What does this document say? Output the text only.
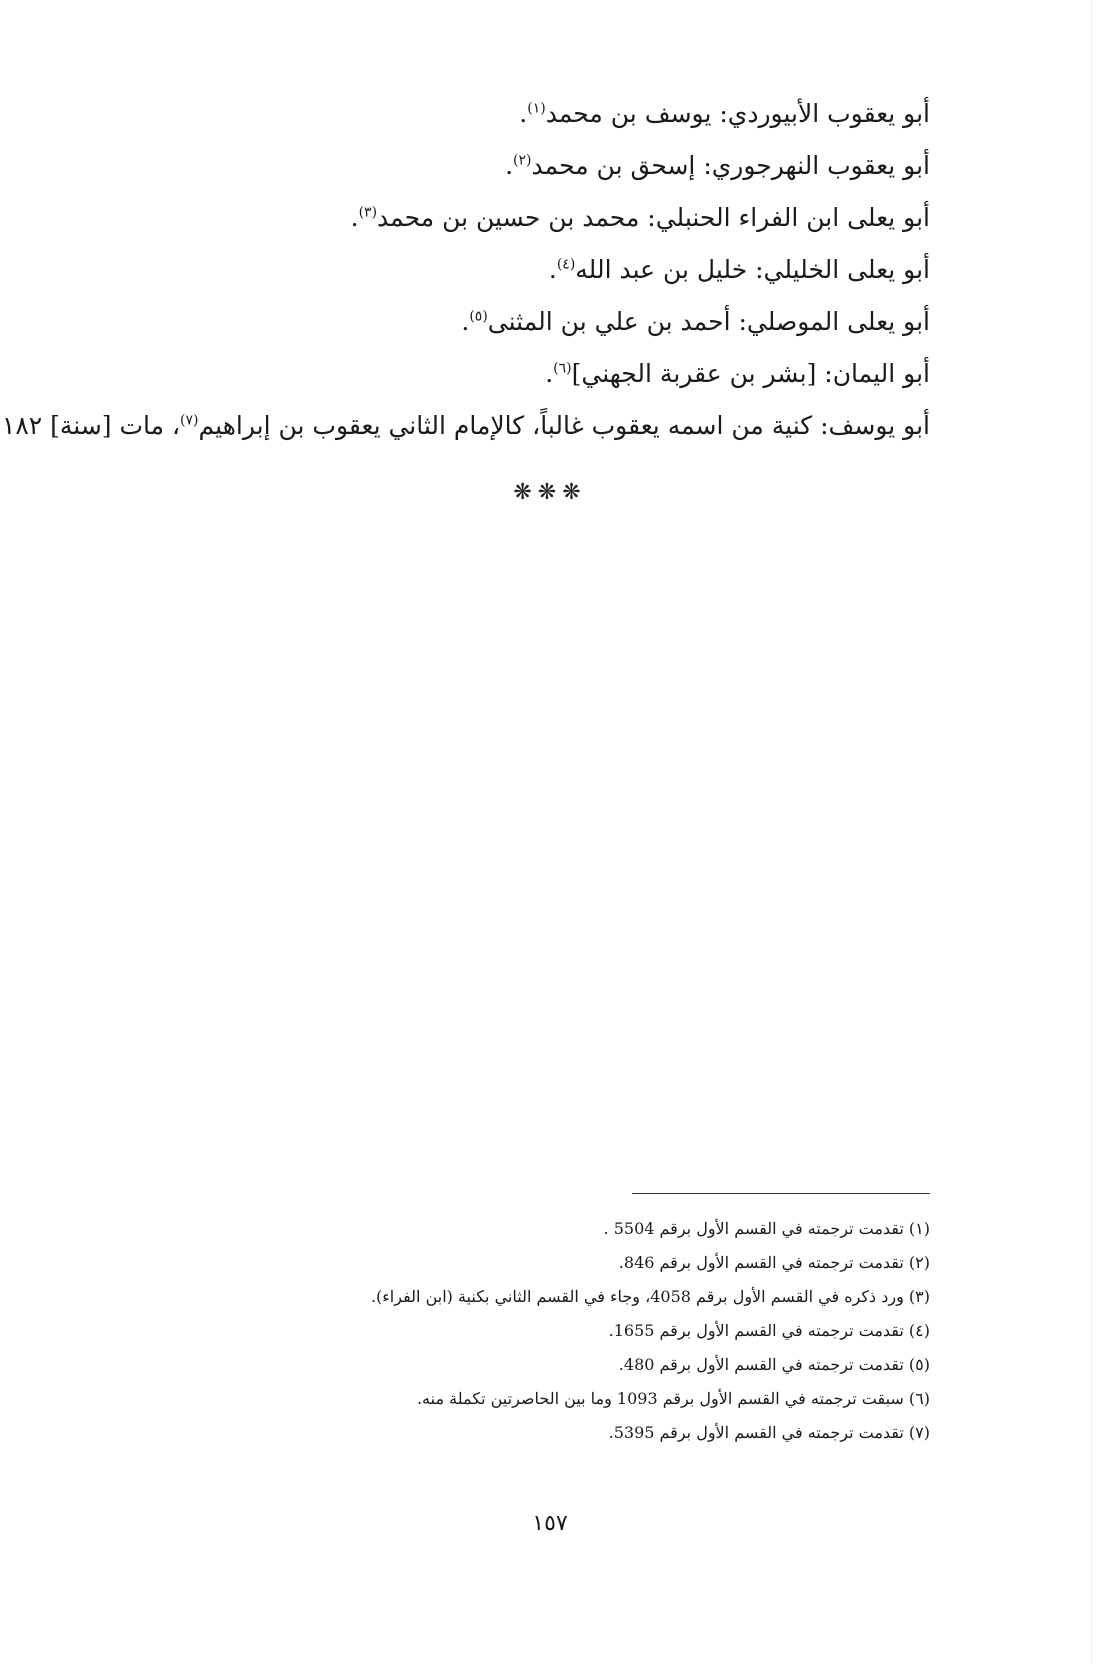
أبو يعقوب الأبيوردي: يوسف بن محمد$^{(١)}$.
أبو يعقوب النهرجوري: إسحق بن محمد$^{(٢)}$.
أبو يعلى ابن الفراء الحنبلي: محمد بن حسين بن محمد$^{(٣)}$.
أبو يعلى الخليلي: خليل بن عبد الله$^{(٤)}$.
أبو يعلى الموصلي: أحمد بن علي بن المثنى$^{(٥)}$.
أبو اليمان: [بشر بن عقربة الجهني]$^{(٦)}$.
أبو يوسف: كنية من اسمه يعقوب غالباً، كالإمام الثاني يعقوب بن إبراهيم$^{(٧)}$، مات [سنة] ١٨٢
❋❋❋
(١) تقدمت ترجمته في القسم الأول برقم 5504 .
(٢) تقدمت ترجمته في القسم الأول برقم 846.
(٣) ورد ذكره في القسم الأول برقم 4058، وجاء في القسم الثاني بكنية (ابن الفراء).
(٤) تقدمت ترجمته في القسم الأول برقم 1655.
(٥) تقدمت ترجمته في القسم الأول برقم 480.
(٦) سبقت ترجمته في القسم الأول برقم 1093 وما بين الحاصرتين تكملة منه.
(٧) تقدمت ترجمته في القسم الأول برقم 5395.
١٥٧
